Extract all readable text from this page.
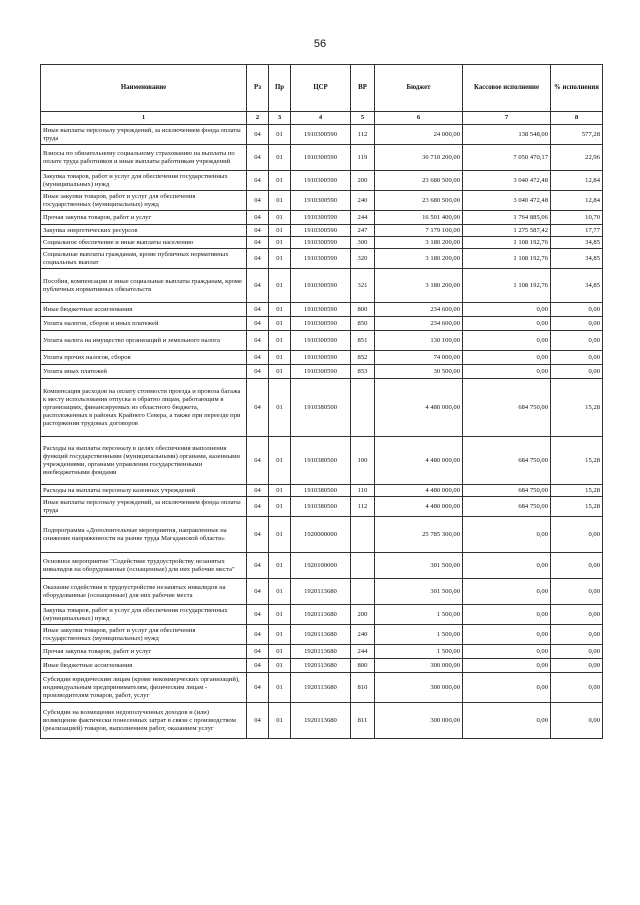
56
Наименование	Рз	Пр	ЦСР	ВР	Бюджет	Кассовое исполнение	% исполнения
1	2	3	4	5	6	7	8
Иные выплаты персоналу учреждений, за исключением фонда оплаты труда	04	01	1910300590	112	24 000,00	138 548,00	577,28
Взносы по обязательному социальному страхованию на выплаты по оплате труда работников и иные выплаты работникам учреждений	04	01	1910300590	119	30 710 200,00	7 050 470,17	22,96
Закупка товаров, работ и услуг для обеспечения государственных (муниципальных) нужд	04	01	1910300590	200	23 680 500,00	3 040 472,48	12,84
Иные закупки товаров, работ и услуг для обеспечения государственных (муниципальных) нужд	04	01	1910300590	240	23 680 500,00	3 040 472,48	12,84
Прочая закупка товаров, работ и услуг	04	01	1910300590	244	16 501 400,00	1 764 885,06	10,70
Закупка энергетических ресурсов	04	01	1910300590	247	7 179 100,00	1 275 587,42	17,77
Социальное обеспечение и иные выплаты населению	04	01	1910300590	300	3 180 200,00	1 108 192,76	34,85
Социальные выплаты гражданам, кроме публичных нормативных социальных выплат	04	01	1910300590	320	3 180 200,00	1 108 192,76	34,85
Пособия, компенсации и иные социальные выплаты гражданам, кроме публичных нормативных обязательств	04	01	1910300590	321	3 180 200,00	1 108 192,76	34,85
Иные бюджетные ассигнования	04	01	1910300590	800	234 600,00	0,00	0,00
Уплата налогов, сборов и иных платежей	04	01	1910300590	850	234 600,00	0,00	0,00
Уплата налога на имущество организаций и земельного налога	04	01	1910300590	851	130 100,00	0,00	0,00
Уплата прочих налогов, сборов	04	01	1910300590	852	74 000,00	0,00	0,00
Уплата иных платежей	04	01	1910300590	853	30 500,00	0,00	0,00
Компенсация расходов на оплату стоимости проезда и провоза багажа к месту использования отпуска и обратно лицам, работающим в организациях, финансируемых из областного бюджета, расположенных в районах Крайнего Севера, а также при переезде при расторжении трудовых договоров	04	01	1910380500		4 480 000,00	684 750,00	15,28
Расходы на выплаты персоналу в целях обеспечения выполнения функций государственными (муниципальными) органами, казенными учреждениями, органами управления государственными внебюджетными фондами	04	01	1910380500	100	4 480 000,00	684 750,00	15,28
Расходы на выплаты персоналу казенных учреждений	04	01	1910380500	110	4 480 000,00	684 750,00	15,28
Иные выплаты персоналу учреждений, за исключением фонда оплаты труда	04	01	1910380500	112	4 480 000,00	684 750,00	15,28
Подпрограмма «Дополнительные мероприятия, направленные на снижение напряженности на рынке труда Магаданской области»	04	01	1920000000		25 785 300,00	0,00	0,00
Основное мероприятие "Содействие трудоустройству незанятых инвалидов на оборудованные (оснащенные) для них рабочие места"	04	01	1920100000		301 500,00	0,00	0,00
Оказание содействия в трудоустройстве незанятых инвалидов на оборудованные (оснащенные) для них рабочие места	04	01	1920113680		301 500,00	0,00	0,00
Закупка товаров, работ и услуг для обеспечения государственных (муниципальных) нужд	04	01	1920113680	200	1 500,00	0,00	0,00
Иные закупки товаров, работ и услуг для обеспечения государственных (муниципальных) нужд	04	01	1920113680	240	1 500,00	0,00	0,00
Прочая закупка товаров, работ и услуг	04	01	1920113680	244	1 500,00	0,00	0,00
Иные бюджетные ассигнования	04	01	1920113680	800	300 000,00	0,00	0,00
Субсидии юридическим лицам (кроме некоммерческих организаций), индивидуальным предпринимателям, физическим лицам - производителям товаров, работ, услуг	04	01	1920113680	810	300 000,00	0,00	0,00
Субсидии на возмещение недополученных доходов и (или) возмещение фактически понесенных затрат в связи с производством (реализацией) товаров, выполнением работ, оказанием услуг	04	01	1920113680	811	300 000,00	0,00	0,00
